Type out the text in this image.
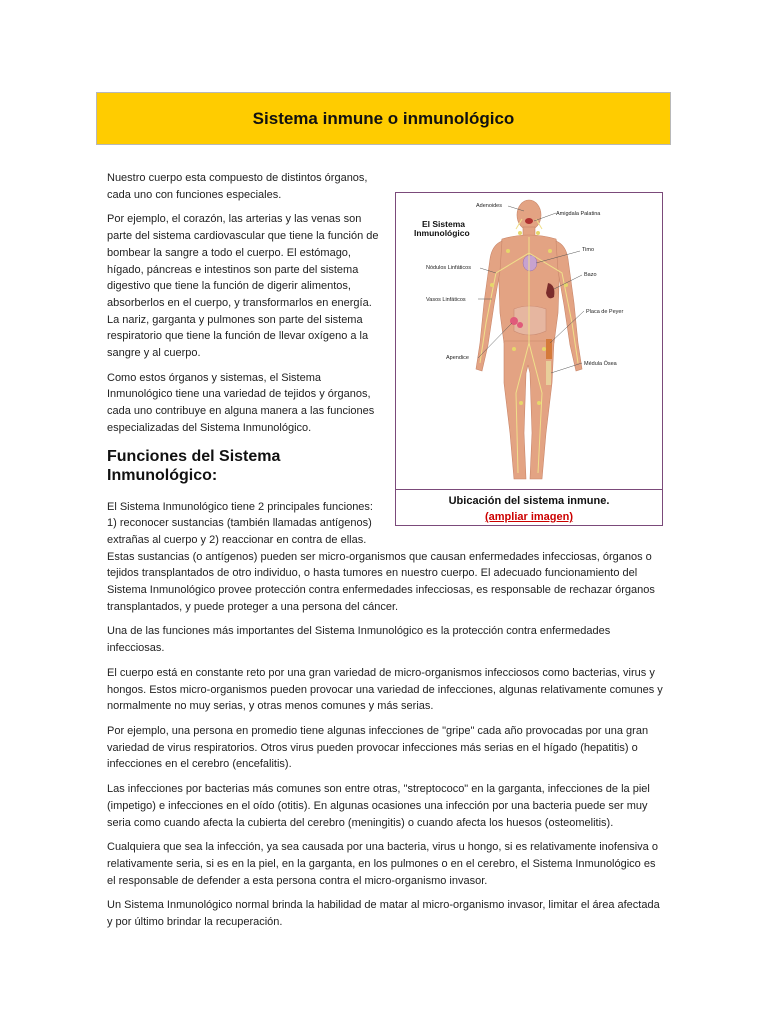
Sistema inmune o inmunológico
El Sistema
Inmunológico
Adenoides
Amigdala Palatina
Timo
Nódulos Linfáticos
Bazo
Vasos Linfáticos
Placa de Peyer
Apendice
Médula Ósea
Ubicación del sistema inmune.
(ampliar imagen)

Nuestro cuerpo esta compuesto de distintos órganos, cada uno con funciones especiales.

Por ejemplo, el corazón, las arterias y las venas son parte del sistema cardiovascular que tiene la función de bombear la sangre a todo el cuerpo. El estómago, hígado, páncreas e intestinos son parte del sistema digestivo que tiene la función de digerir alimentos, absorberlos en el cuerpo, y transformarlos en energía. La nariz, garganta y pulmones son parte del sistema respiratorio que tiene la función de llevar oxígeno a la sangre y al cuerpo.

Como estos órganos y sistemas, el Sistema Inmunológico tiene una variedad de tejidos y órganos, cada uno contribuye en alguna manera a las funciones especializadas del Sistema Inmunológico.

Funciones del Sistema Inmunológico:

El Sistema Inmunológico tiene 2 principales funciones: 1) reconocer sustancias (también llamadas antígenos) extrañas al cuerpo y 2) reaccionar en contra de ellas. Estas sustancias (o antígenos) pueden ser micro-organismos que causan enfermedades infecciosas, órganos o tejidos transplantados de otro individuo, o hasta tumores en nuestro cuerpo. El adecuado funcionamiento del Sistema Inmunológico provee protección contra enfermedades infecciosas, es responsable de rechazar órganos transplantados, y puede proteger a una persona del cáncer.

Una de las funciones más importantes del Sistema Inmunológico es la protección contra enfermedades infecciosas.

El cuerpo está en constante reto por una gran variedad de micro-organismos infecciosos como bacterias, virus y hongos. Estos micro-organismos pueden provocar una variedad de infecciones, algunas relativamente comunes y normalmente no muy serias, y otras menos comunes y más serias.

Por ejemplo, una persona en promedio tiene algunas infecciones de "gripe" cada año provocadas por una gran variedad de virus respiratorios. Otros virus pueden provocar infecciones más serias en el hígado (hepatitis) o infecciones en el cerebro (encefalitis).

Las infecciones por bacterias más comunes son entre otras, "streptococo" en la garganta, infecciones de la piel (impetigo) e infecciones en el oído (otitis). En algunas ocasiones una infección por una bacteria puede ser muy seria como cuando afecta la cubierta del cerebro (meningitis) o cuando afecta los huesos (osteomelitis).

Cualquiera que sea la infección, ya sea causada por una bacteria, virus u hongo, si es relativamente inofensiva o relativamente seria, si es en la piel, en la garganta, en los pulmones o en el cerebro, el Sistema Inmunológico es el responsable de defender a esta persona contra el micro-organismo invasor.

Un Sistema Inmunológico normal brinda la habilidad de matar al micro-organismo invasor, limitar el área afectada y por último brindar la recuperación.
